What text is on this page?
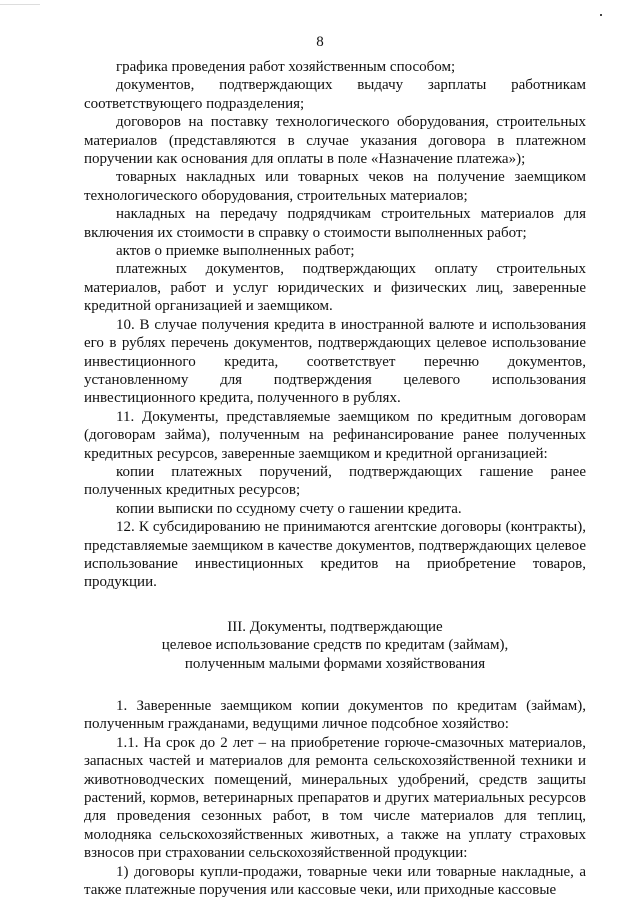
8

графика проведения работ хозяйственным способом;

документов, подтверждающих выдачу зарплаты работникам соответствующего подразделения;

договоров на поставку технологического оборудования, строительных материалов (представляются в случае указания договора в платежном поручении как основания для оплаты в поле «Назначение платежа»);

товарных накладных или товарных чеков на получение заемщиком технологического оборудования, строительных материалов;

накладных на передачу подрядчикам строительных материалов для включения их стоимости в справку о стоимости выполненных работ;

актов о приемке выполненных работ;

платежных документов, подтверждающих оплату строительных материалов, работ и услуг юридических и физических лиц, заверенные кредитной организацией и заемщиком.

10. В случае получения кредита в иностранной валюте и использования его в рублях перечень документов, подтверждающих целевое использование инвестиционного кредита, соответствует перечню документов, установленному для подтверждения целевого использования инвестиционного кредита, полученного в рублях.

11. Документы, представляемые заемщиком по кредитным договорам (договорам займа), полученным на рефинансирование ранее полученных кредитных ресурсов, заверенные заемщиком и кредитной организацией:

копии платежных поручений, подтверждающих гашение ранее полученных кредитных ресурсов;

копии выписки по ссудному счету о гашении кредита.

12. К субсидированию не принимаются агентские договоры (контракты), представляемые заемщиком в качестве документов, подтверждающих целевое использование инвестиционных кредитов на приобретение товаров, продукции.

III. Документы, подтверждающие
целевое использование средств по кредитам (займам),
полученным малыми формами хозяйствования

1. Заверенные заемщиком копии документов по кредитам (займам), полученным гражданами, ведущими личное подсобное хозяйство:

1.1. На срок до 2 лет – на приобретение горюче-смазочных материалов, запасных частей и материалов для ремонта сельскохозяйственной техники и животноводческих помещений, минеральных удобрений, средств защиты растений, кормов, ветеринарных препаратов и других материальных ресурсов для проведения сезонных работ, в том числе материалов для теплиц, молодняка сельскохозяйственных животных, а также на уплату страховых взносов при страховании сельскохозяйственной продукции:

1) договоры купли-продажи, товарные чеки или товарные накладные, а также платежные поручения или кассовые чеки, или приходные кассовые
